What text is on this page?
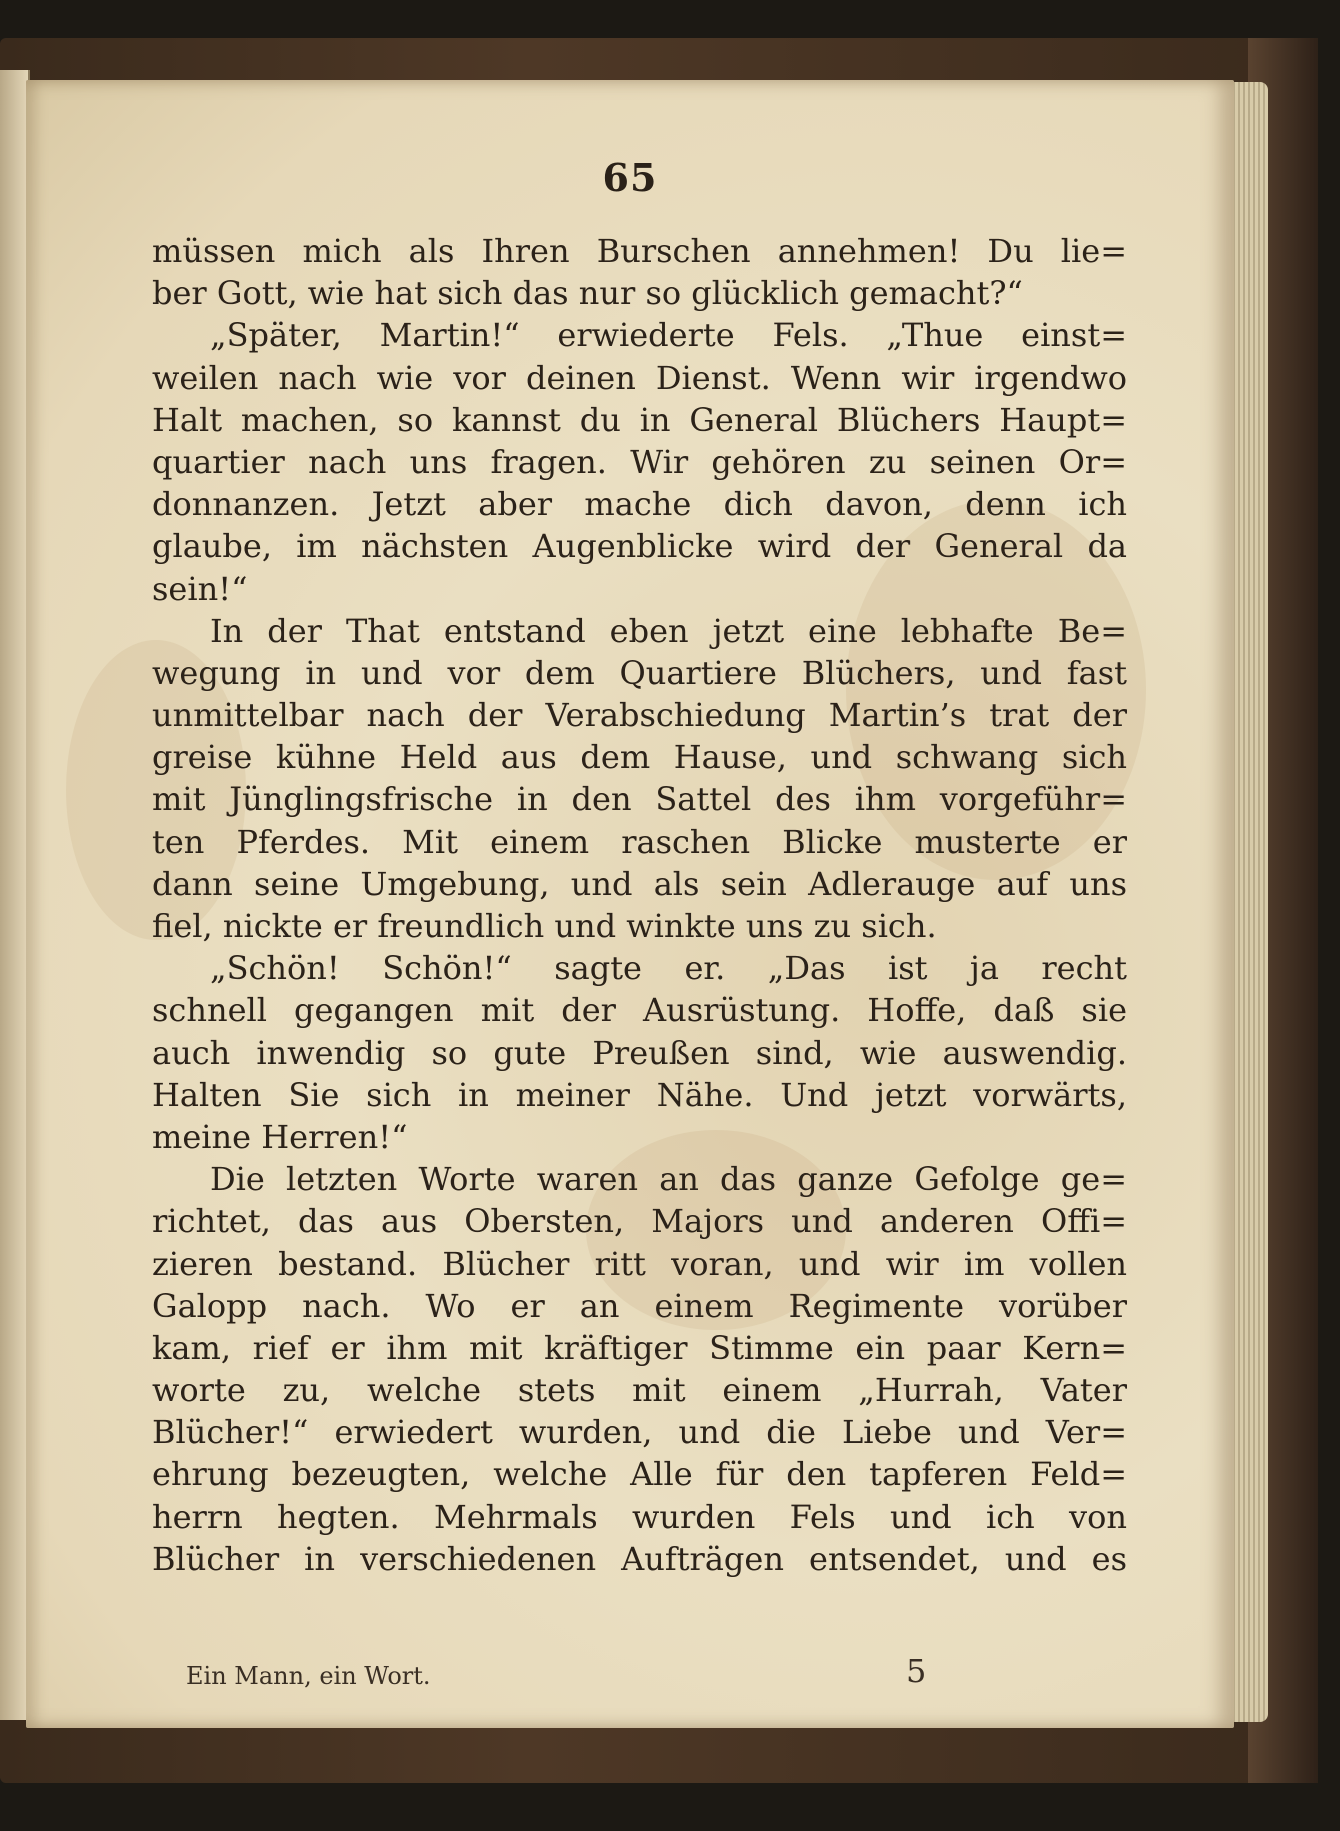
65
müssen mich als Ihren Burschen annehmen! Du lie=
ber Gott, wie hat sich das nur so glücklich gemacht?“
„Später, Martin!“ erwiederte Fels. „Thue einst=
weilen nach wie vor deinen Dienst. Wenn wir irgendwo
Halt machen, so kannst du in General Blüchers Haupt=
quartier nach uns fragen. Wir gehören zu seinen Or=
donnanzen. Jetzt aber mache dich davon, denn ich
glaube, im nächsten Augenblicke wird der General da
sein!“
In der That entstand eben jetzt eine lebhafte Be=
wegung in und vor dem Quartiere Blüchers, und fast
unmittelbar nach der Verabschiedung Martin’s trat der
greise kühne Held aus dem Hause, und schwang sich
mit Jünglingsfrische in den Sattel des ihm vorgeführ=
ten Pferdes. Mit einem raschen Blicke musterte er
dann seine Umgebung, und als sein Adlerauge auf uns
fiel, nickte er freundlich und winkte uns zu sich.
„Schön! Schön!“ sagte er. „Das ist ja recht
schnell gegangen mit der Ausrüstung. Hoffe, daß sie
auch inwendig so gute Preußen sind, wie auswendig.
Halten Sie sich in meiner Nähe. Und jetzt vorwärts,
meine Herren!“
Die letzten Worte waren an das ganze Gefolge ge=
richtet, das aus Obersten, Majors und anderen Offi=
zieren bestand. Blücher ritt voran, und wir im vollen
Galopp nach. Wo er an einem Regimente vorüber
kam, rief er ihm mit kräftiger Stimme ein paar Kern=
worte zu, welche stets mit einem „Hurrah, Vater
Blücher!“ erwiedert wurden, und die Liebe und Ver=
ehrung bezeugten, welche Alle für den tapferen Feld=
herrn hegten. Mehrmals wurden Fels und ich von
Blücher in verschiedenen Aufträgen entsendet, und es
Ein Mann, ein Wort.	5
